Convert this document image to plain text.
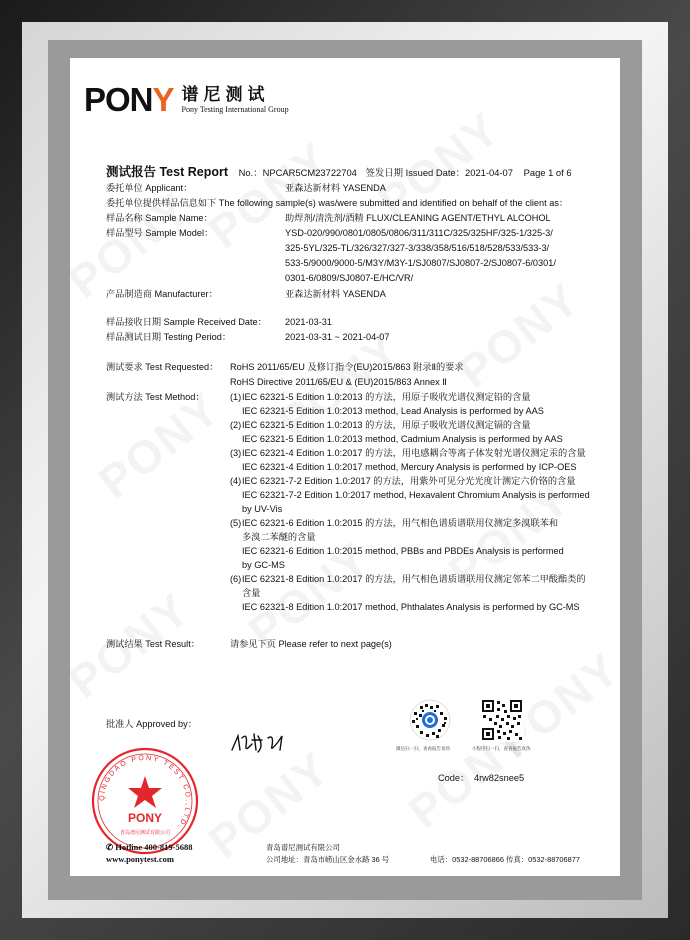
PONY 谱尼测试
Pony Testing International Group
测试报告 Test Report No.：NPCAR5CM23722704 签发日期 Issued Date：2021-04-07 Page 1 of 6
委托单位 Applicant：	亚森达新材料 YASENDA
委托单位提供样品信息如下 The following sample(s) was/were submitted and identified on behalf of the client as：
样品名称 Sample Name：	助焊剂/清洗剂/酒精 FLUX/CLEANING AGENT/ETHYL ALCOHOL
样品型号 Sample Model：	YSD-020/990/0801/0805/0806/311/311C/325/325HF/325-1/325-3/
325-5YL/325-TL/326/327/327-3/338/358/516/518/528/533/533-3/
533-5/9000/9000-5/M3Y/M3Y-1/SJ0807/SJ0807-2/SJ0807-6/0301/
0301-6/0809/SJ0807-E/HC/VR/
产品制造商 Manufacturer：	亚森达新材料 YASENDA
样品接收日期 Sample Received Date： 2021-03-31
样品测试日期 Testing Period：	2021-03-31 ~ 2021-04-07
测试要求 Test Requested： RoHS 2011/65/EU 及修订指令(EU)2015/863 附录Ⅱ的要求
RoHS Directive 2011/65/EU & (EU)2015/863 Annex Ⅱ
测试方法 Test Method：	(1) IEC 62321-5 Edition 1.0:2013 的方法，用原子吸收光谱仪测定铅的含量
IEC 62321-5 Edition 1.0:2013 method, Lead Analysis is performed by AAS
(2) IEC 62321-5 Edition 1.0:2013 的方法，用原子吸收光谱仪测定镉的含量
IEC 62321-5 Edition 1.0:2013 method, Cadmium Analysis is performed by AAS
(3) IEC 62321-4 Edition 1.0:2017 的方法，用电感耦合等离子体发射光谱仪测定汞的含量
IEC 62321-4 Edition 1.0:2017 method, Mercury Analysis is performed by ICP-OES
(4) IEC 62321-7-2 Edition 1.0:2017 的方法，用紫外可见分光光度计测定六价铬的含量
IEC 62321-7-2 Edition 1.0:2017 method, Hexavalent Chromium Analysis is performed
by UV-Vis
(5) IEC 62321-6 Edition 1.0:2015 的方法，用气相色谱质谱联用仪测定多溴联苯和
多溴二苯醚的含量
IEC 62321-6 Edition 1.0:2015 method, PBBs and PBDEs Analysis is performed
by GC-MS
(6) IEC 62321-8 Edition 1.0:2017 的方法，用气相色谱质谱联用仪测定邻苯二甲酸酯类的
含量
IEC 62321-8 Edition 1.0:2017 method, Phthalates Analysis is performed by GC-MS
测试结果 Test Result：	请参见下页 Please refer to next page(s)
批准人 Approved by：
微信扫一扫，查看报告真伪	小程序扫一扫，查看报告真伪
Code： 4rw82snee5
QINGDAO PONY TEST CO.,LTD.
PONY
青岛谱尼测试有限公司
✆ Hotline 400-819-5688
www.ponytest.com
青岛谱尼测试有限公司
公司地址：青岛市崂山区金水路 36 号	电话：0532-88706866 传真：0532-88706877
